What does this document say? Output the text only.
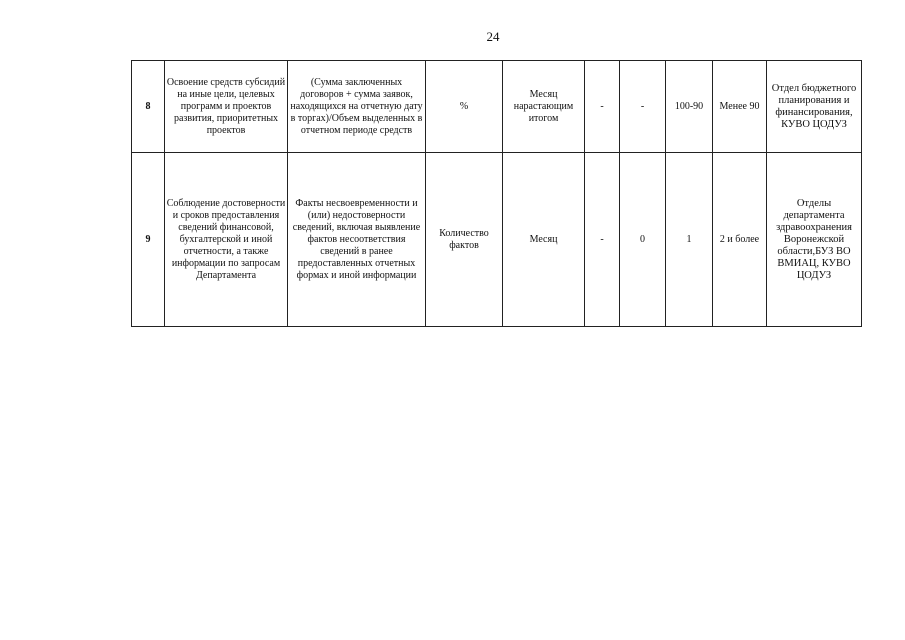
24
8	Освоение средств субсидий на иные цели, целевых программ и проектов развития, приоритетных проектов	(Сумма заключенных договоров + сумма заявок, находящихся на отчетную дату в торгах)/Объем выделенных в отчетном периоде средств	%	Месяц нарастающим итогом	-	-	100-90	Менее 90	Отдел бюджетного планирования и финансирования, КУВО ЦОДУЗ
9	Соблюдение достоверности и сроков предоставления сведений финансовой, бухгалтерской и иной отчетности, а также информации по запросам Департамента	Факты несвоевременности и (или) недостоверности сведений, включая выявление фактов несоответствия сведений в ранее предоставленных отчетных формах и иной информации	Количество фактов	Месяц	-	0	1	2 и более	Отделы департамента здравоохранения Воронежской области,БУЗ ВО ВМИАЦ, КУВО ЦОДУЗ
